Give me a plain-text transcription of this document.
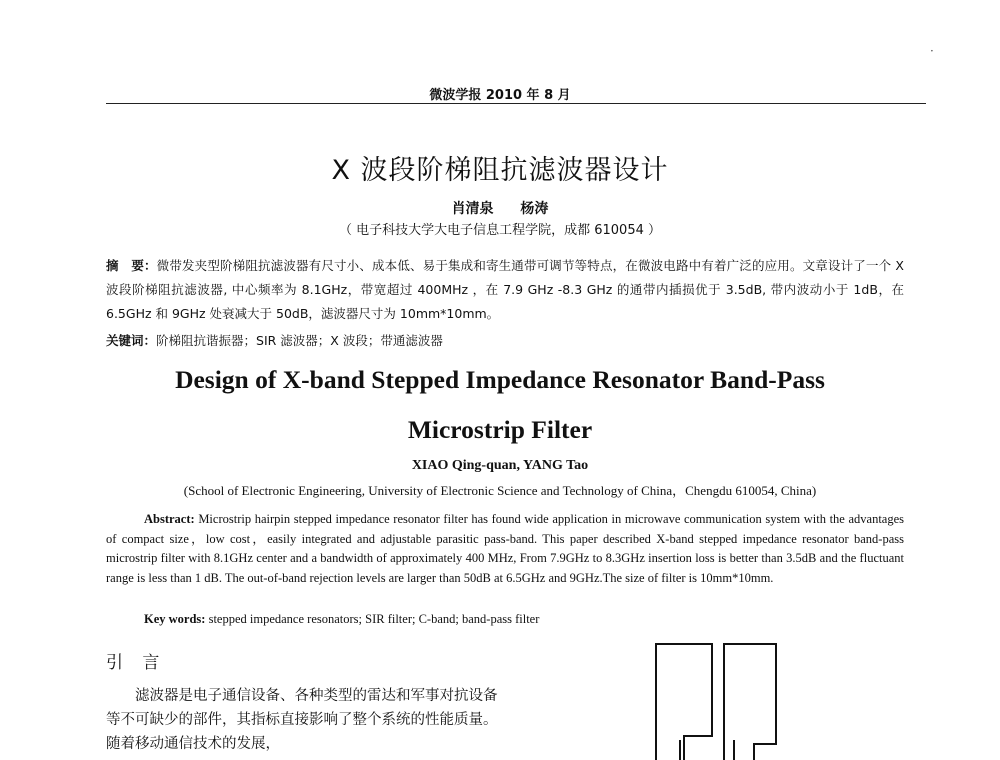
·
微波学报 2010 年 8 月
X 波段阶梯阻抗滤波器设计
肖清泉 杨涛
（ 电子科技大学大电子信息工程学院，成都 610054 ）
摘　要：微带发夹型阶梯阻抗滤波器有尺寸小、成本低、易于集成和寄生通带可调节等特点，在微波电路中有着广泛的应用。文章设计了一个 X 波段阶梯阻抗滤波器, 中心频率为 8.1GHz，带宽超过 400MHz ，在 7.9 GHz -8.3 GHz 的通带内插损优于 3.5dB, 带内波动小于 1dB，在 6.5GHz 和 9GHz 处衰减大于 50dB，滤波器尺寸为 10mm*10mm。
关键词：阶梯阻抗谐振器；SIR 滤波器；X 波段；带通滤波器
Design of X-band Stepped Impedance Resonator Band-Pass
Microstrip Filter
XIAO Qing-quan, YANG Tao
(School of Electronic Engineering, University of Electronic Science and Technology of China，Chengdu 610054, China)
Abstract: Microstrip hairpin stepped impedance resonator filter has found wide application in microwave communication system with the advantages of compact size，low cost，easily integrated and adjustable parasitic pass-band. This paper described X-band stepped impedance resonator band-pass microstrip filter with 8.1GHz center and a bandwidth of approximately 400 MHz, From 7.9GHz to 8.3GHz insertion loss is better than 3.5dB and the fluctuant range is less than 1 dB. The out-of-band rejection levels are larger than 50dB at 6.5GHz and 9GHz.The size of filter is 10mm*10mm.
Key words: stepped impedance resonators; SIR filter; C-band; band-pass filter
引 言

滤波器是电子通信设备、各种类型的雷达和军事对抗设备等不可缺少的部件，其指标直接影响了整个系统的性能质量。随着移动通信技术的发展，
